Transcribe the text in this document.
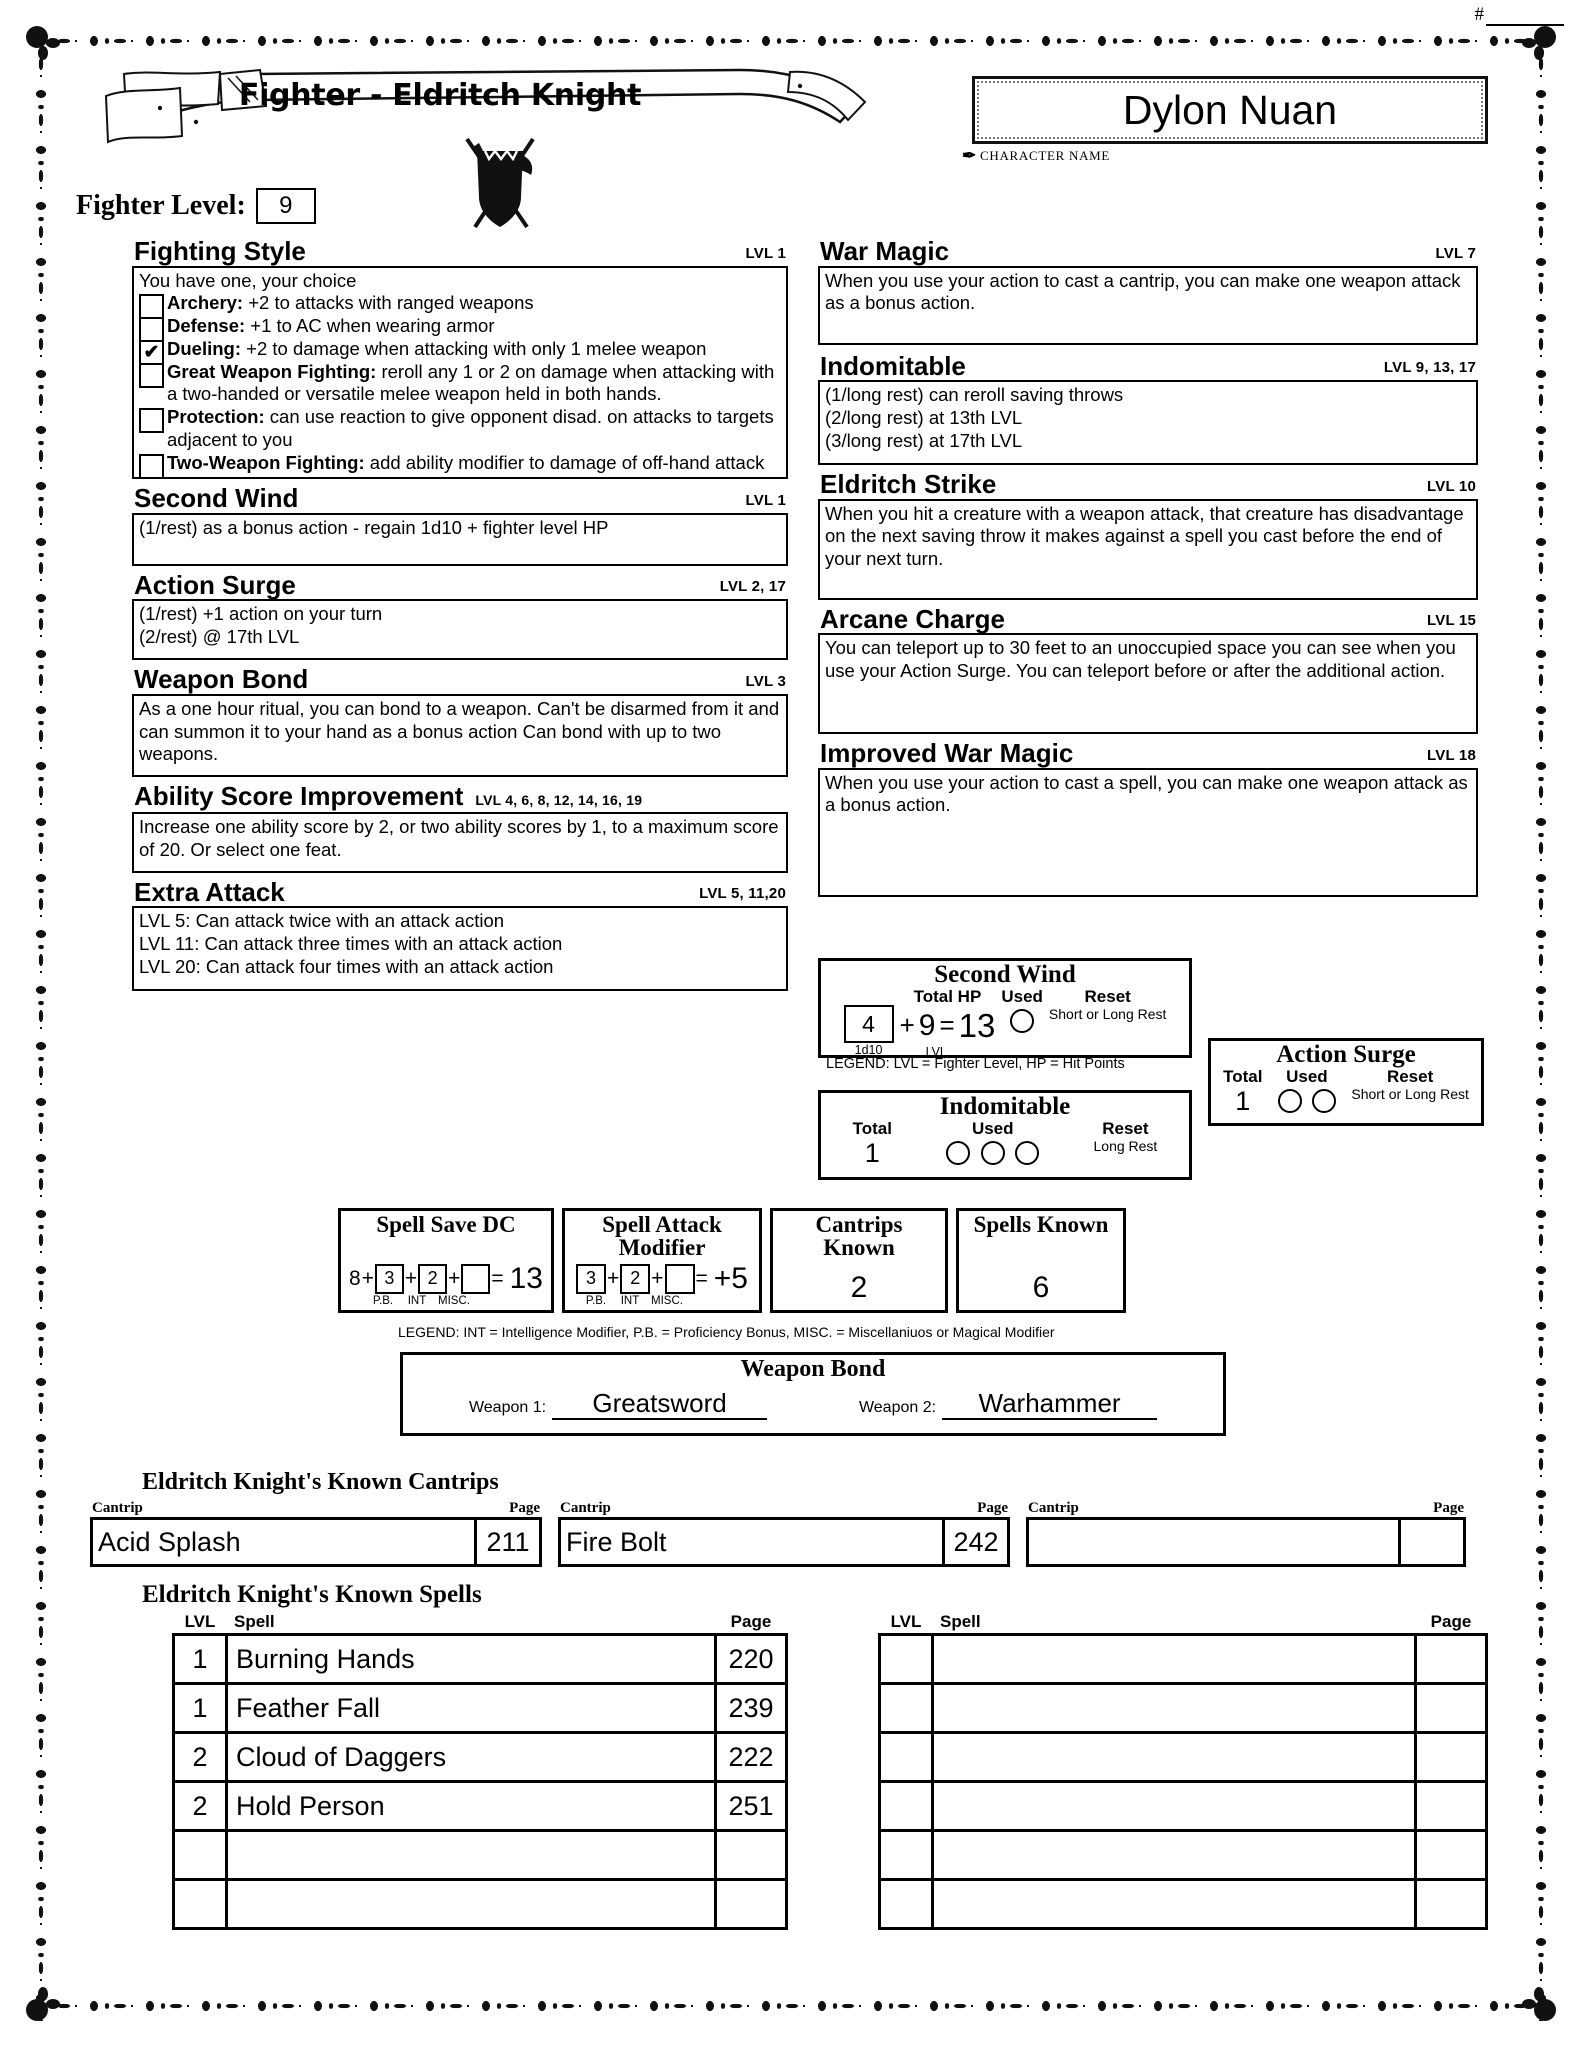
#
Fighter - Eldritch Knight	Dylon Nuan
✒ CHARACTER NAME
Fighter Level:	9
Fighting Style	LVL 1

You have one, your choice

Archery: +2 to attacks with ranged weapons
Defense: +1 to AC when wearing armor
✔ Dueling: +2 to damage when attacking with only 1 melee weapon
Great Weapon Fighting: reroll any 1 or 2 on damage when attacking with a two-handed or versatile melee weapon held in both hands.
Protection: can use reaction to give opponent disad. on attacks to targets adjacent to you
Two-Weapon Fighting: add ability modifier to damage of off-hand attack
Second Wind	LVL 1

(1/rest) as a bonus action - regain 1d10 + fighter level HP

Action Surge	LVL 2, 17

(1/rest) +1 action on your turn

(2/rest) @ 17th LVL

Weapon Bond	LVL 3

As a one hour ritual, you can bond to a weapon. Can't be disarmed from it and can summon it to your hand as a bonus action Can bond with up to two weapons.

Ability Score Improvement LVL 4, 6, 8, 12, 14, 16, 19

Increase one ability score by 2, or two ability scores by 1, to a maximum score of 20. Or select one feat.

Extra Attack	LVL 5, 11,20

LVL 5: Can attack twice with an attack action

LVL 11: Can attack three times with an attack action

LVL 20: Can attack four times with an attack action

War Magic	LVL 7

When you use your action to cast a cantrip, you can make one weapon attack as a bonus action.

Indomitable	LVL 9, 13, 17

(1/long rest) can reroll saving throws

(2/long rest) at 13th LVL

(3/long rest) at 17th LVL

Eldritch Strike	LVL 10

When you hit a creature with a weapon attack, that creature has disadvantage on the next saving throw it makes against a spell you cast before the end of your next turn.

Arcane Charge	LVL 15

You can teleport up to 30 feet to an unoccupied space you can see when you use your Action Surge. You can teleport before or after the additional action.

Improved War Magic	LVL 18

When you use your action to cast a spell, you can make one weapon attack as a bonus action.

Second Wind
4
1d10
Total HP
+ 9 = 13
LVL
Used	Reset
Short or Long Rest
LEGEND: LVL = Fighter Level, HP = Hit Points
Indomitable
Total
1
Used
	Reset
Long Rest
Action Surge
Total
1
Used
	Reset
Short or Long Rest
Spell Save DC
8 + 3 + 2 + = 13
P.B.	INT	MISC.
Spell Attack Modifier
3 + 2 + = +5
P.B.	INT	MISC.
Cantrips Known
2
Spells Known
6
LEGEND: INT = Intelligence Modifier, P.B. = Proficiency Bonus, MISC. = Miscellaniuos or Magical Modifier
Weapon Bond
Weapon 1:	Greatsword	Weapon 2:	Warhammer
Eldritch Knight's Known Cantrips
Cantrip	Page
Acid Splash	211
Cantrip	Page
Fire Bolt	242
Cantrip	Page
Eldritch Knight's Known Spells
LVL	Spell	Page
1	Burning Hands	220
1	Feather Fall	239
2	Cloud of Daggers	222
2	Hold Person	251
LVL	Spell	Page
